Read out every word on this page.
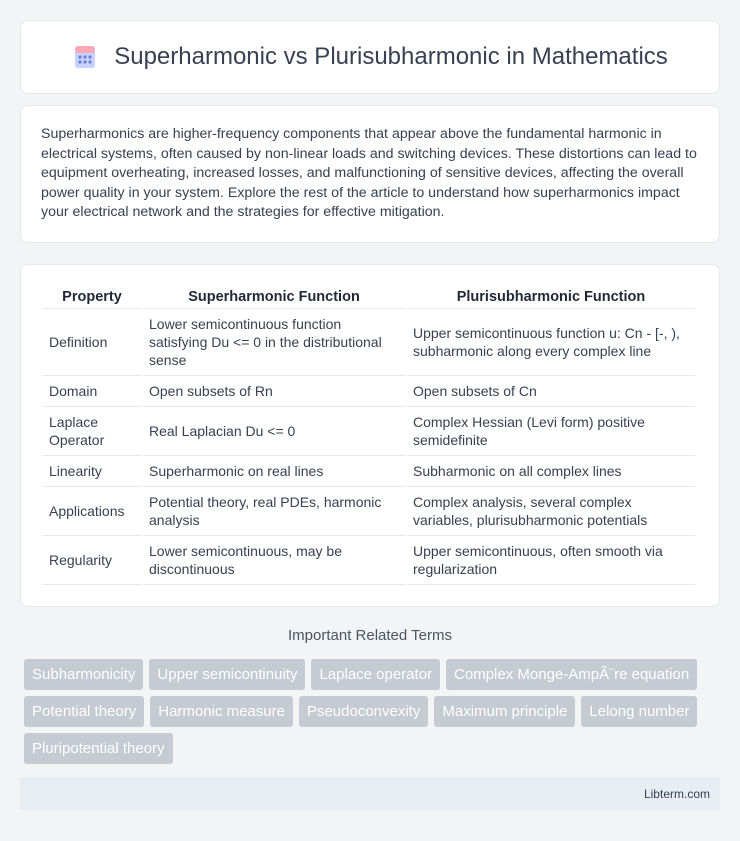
Superharmonic vs Plurisubharmonic in Mathematics

Superharmonics are higher-frequency components that appear above the fundamental harmonic in electrical systems, often caused by non-linear loads and switching devices. These distortions can lead to equipment overheating, increased losses, and malfunctioning of sensitive devices, affecting the overall power quality in your system. Explore the rest of the article to understand how superharmonics impact your electrical network and the strategies for effective mitigation.

Property	Superharmonic Function	Plurisubharmonic Function
Definition	Lower semicontinuous function satisfying Du <= 0 in the distributional sense	Upper semicontinuous function u: Cn - [-, ), subharmonic along every complex line
Domain	Open subsets of Rn	Open subsets of Cn
Laplace Operator	Real Laplacian Du <= 0	Complex Hessian (Levi form) positive semidefinite
Linearity	Superharmonic on real lines	Subharmonic on all complex lines
Applications	Potential theory, real PDEs, harmonic analysis	Complex analysis, several complex variables, plurisubharmonic potentials
Regularity	Lower semicontinuous, may be discontinuous	Upper semicontinuous, often smooth via regularization
Important Related Terms
Subharmonicity	Upper semicontinuity	Laplace operator	Complex Monge-AmpÃ¨re equation
Potential theory	Harmonic measure	Pseudoconvexity	Maximum principle	Lelong number
Pluripotential theory
Libterm.com
